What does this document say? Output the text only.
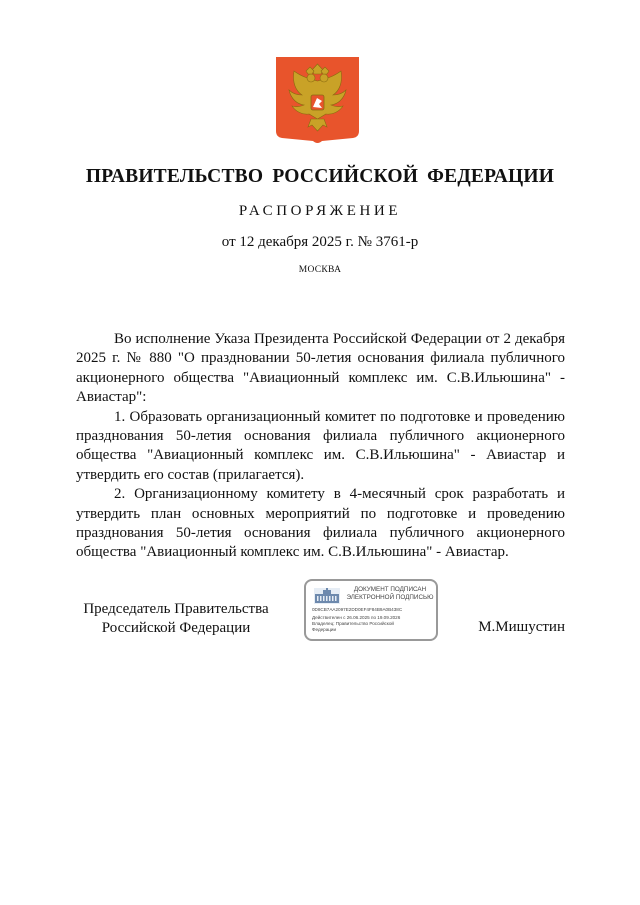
ПРАВИТЕЛЬСТВО РОССИЙСКОЙ ФЕДЕРАЦИИ
РАСПОРЯЖЕНИЕ
от 12 декабря 2025 г. № 3761-р
МОСКВА

Во исполнение Указа Президента Российской Федерации от 2 декабря 2025 г. № 880 "О праздновании 50-летия основания филиала публичного акционерного общества "Авиационный комплекс им. С.В.Ильюшина" - Авиастар":

1. Образовать организационный комитет по подготовке и проведению празднования 50-летия основания филиала публичного акционерного общества "Авиационный комплекс им. С.В.Ильюшина" - Авиастар и утвердить его состав (прилагается).

2. Организационному комитету в 4-месячный срок разработать и утвердить план основных мероприятий по подготовке и проведению празднования 50-летия основания филиала публичного акционерного общества "Авиационный комплекс им. С.В.Ильюшина" - Авиастар.

Председатель Правительства
Российской Федерации
ДОКУМЕНТ ПОДПИСАН
ЭЛЕКТРОННОЙ ПОДПИСЬЮ
0D8CB7AA2097E2DD0EF4F84B9A0B438C
Действителен с 26.06.2025 по 19.09.2026
Владелец: Правительство Российской
Федерации	М.Мишустин
